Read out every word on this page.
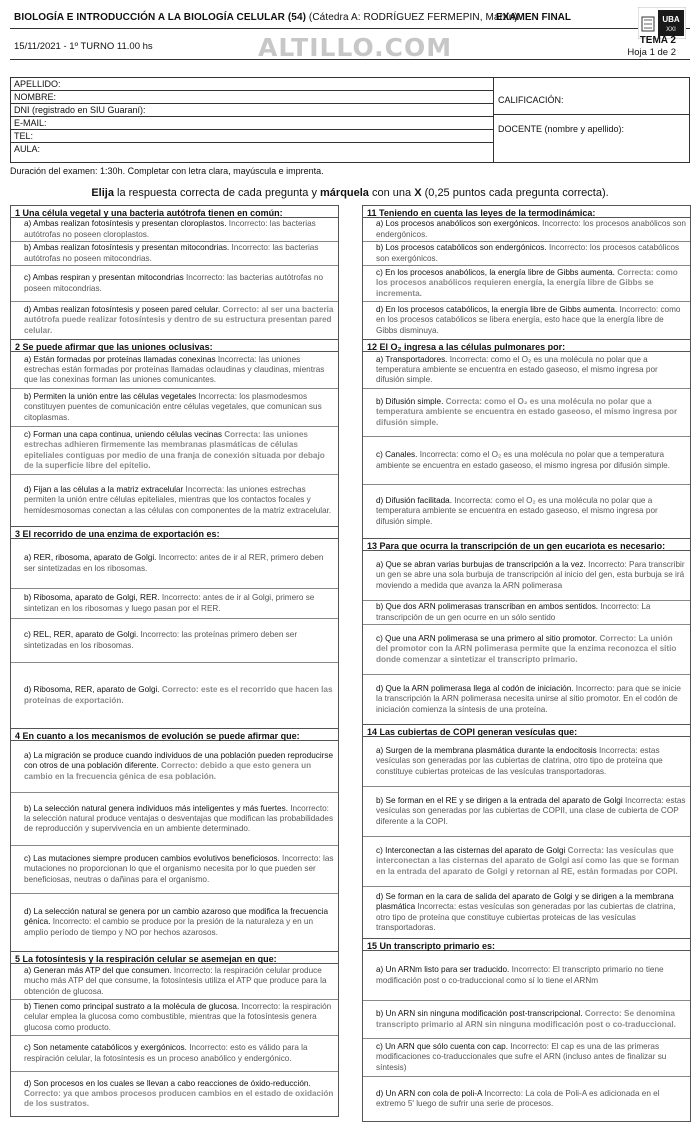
BIOLOGÍA E INTRODUCCIÓN A LA BIOLOGÍA CELULAR (54) (Cátedra A: RODRÍGUEZ FERMEPIN, Martín)
EXAMEN FINAL	UBA
XXI
15/11/2021 - 1º TURNO 11.00 hs	ALTILLO.COM	TEMA 2
Hoja 1 de 2
APELLIDO:
NOMBRE:
DNI (registrado en SIU Guaraní):
E-MAIL:
TEL:
AULA:
CALIFICACIÓN:
DOCENTE (nombre y apellido):
Duración del examen: 1:30h. Completar con letra clara, mayúscula e imprenta.
Elija la respuesta correcta de cada pregunta y márquela con una X (0,25 puntos cada pregunta correcta).
1 Una célula vegetal y una bacteria autótrofa tienen en común:
a) Ambas realizan fotosíntesis y presentan cloroplastos. Incorrecto: las bacterias autótrofas no poseen cloroplastos.
b) Ambas realizan fotosíntesis y presentan mitocondrias. Incorrecto: las bacterias autótrofas no poseen mitocondrias.
c) Ambas respiran y presentan mitocondrias Incorrecto: las bacterias autótrofas no poseen mitocondrias.
d) Ambas realizan fotosíntesis y poseen pared celular. Correcto: al ser una bacteria autótrofa puede realizar fotosíntesis y dentro de su estructura presentan pared celular.
2 Se puede afirmar que las uniones oclusivas:
a) Están formadas por proteínas llamadas conexinas Incorrecta: las uniones estrechas están formadas por proteínas llamadas oclaudinas y claudinas, mientras que las conexinas forman las uniones comunicantes.
b) Permiten la unión entre las células vegetales Incorrecta: los plasmodesmos constituyen puentes de comunicación entre células vegetales, que comunican sus citoplasmas.
c) Forman una capa continua, uniendo células vecinas Correcta: las uniones estrechas adhieren firmemente las membranas plasmáticas de células epiteliales contiguas por medio de una franja de conexión situada por debajo de la superficie libre del epitelio.
d) Fijan a las células a la matriz extracelular Incorrecta: las uniones estrechas permiten la unión entre células epiteliales, mientras que los contactos focales y hemidesmosomas conectan a las células con componentes de la matriz extracelular.
3 El recorrido de una enzima de exportación es:
a) RER, ribosoma, aparato de Golgi. Incorrecto: antes de ir al RER, primero deben ser sintetizadas en los ribosomas.
b) Ribosoma, aparato de Golgi, RER. Incorrecto: antes de ir al Golgi, primero se sintetizan en los ribosomas y luego pasan por el RER.
c) REL, RER, aparato de Golgi. Incorrecto: las proteínas primero deben ser sintetizadas en los ribosomas.
d) Ribosoma, RER, aparato de Golgi. Correcto: este es el recorrido que hacen las proteínas de exportación.
4 En cuanto a los mecanismos de evolución se puede afirmar que:
a) La migración se produce cuando individuos de una población pueden reproducirse con otros de una población diferente. Correcto: debido a que esto genera un cambio en la frecuencia génica de esa población.
b) La selección natural genera individuos más inteligentes y más fuertes. Incorrecto: la selección natural produce ventajas o desventajas que modifican las probabilidades de reproducción y supervivencia en un ambiente determinado.
c) Las mutaciones siempre producen cambios evolutivos beneficiosos. Incorrecto: las mutaciones no proporcionan lo que el organismo necesita por lo que pueden ser beneficiosas, neutras o dañinas para el organismo.
d) La selección natural se genera por un cambio azaroso que modifica la frecuencia génica. Incorrecto: el cambio se produce por la presión de la naturaleza y en un amplio período de tiempo y NO por hechos azarosos.
5 La fotosíntesis y la respiración celular se asemejan en que:
a) Generan más ATP del que consumen. Incorrecto: la respiración celular produce mucho más ATP del que consume, la fotosíntesis utiliza el ATP que produce para la obtención de glucosa.
b) Tienen como principal sustrato a la molécula de glucosa. Incorrecto: la respiración celular emplea la glucosa como combustible, mientras que la fotosíntesis genera glucosa como producto.
c) Son netamente catabólicos y exergónicos. Incorrecto: esto es válido para la respiración celular, la fotosíntesis es un proceso anabólico y endergónico.
d) Son procesos en los cuales se llevan a cabo reacciones de óxido-reducción. Correcto: ya que ambos procesos producen cambios en el estado de oxidación de los sustratos.
11 Teniendo en cuenta las leyes de la termodinámica:
a) Los procesos anabólicos son exergónicos. Incorrecto: los procesos anabólicos son endergónicos.
b) Los procesos catabólicos son endergónicos. Incorrecto: los procesos catabólicos son exergónicos.
c) En los procesos anabólicos, la energía libre de Gibbs aumenta. Correcta: como los procesos anabólicos requieren energía, la energía libre de Gibbs se incrementa.
d) En los procesos catabólicos, la energía libre de Gibbs aumenta. Incorrecto: como en los procesos catabólicos se libera energía, esto hace que la energía libre de Gibbs disminuya.
12 El O₂ ingresa a las células pulmonares por:
a) Transportadores. Incorrecta: como el O₂ es una molécula no polar que a temperatura ambiente se encuentra en estado gaseoso, el mismo ingresa por difusión simple.
b) Difusión simple. Correcta: como el O₂ es una molécula no polar que a temperatura ambiente se encuentra en estado gaseoso, el mismo ingresa por difusión simple.
c) Canales. Incorrecta: como el O₂ es una molécula no polar que a temperatura ambiente se encuentra en estado gaseoso, el mismo ingresa por difusión simple.
d) Difusión facilitada. Incorrecta: como el O₂ es una molécula no polar que a temperatura ambiente se encuentra en estado gaseoso, el mismo ingresa por difusión simple.
13 Para que ocurra la transcripción de un gen eucariota es necesario:
a) Que se abran varias burbujas de transcripción a la vez. Incorrecto: Para transcribir un gen se abre una sola burbuja de transcripción al inicio del gen, esta burbuja se irá moviendo a medida que avanza la ARN polimerasa
b) Que dos ARN polimerasas transcriban en ambos sentidos. Incorrecto: La transcripción de un gen ocurre en un sólo sentido
c) Que una ARN polimerasa se una primero al sitio promotor. Correcto: La unión del promotor con la ARN polimerasa permite que la enzima reconozca el sitio donde comenzar a sintetizar el transcripto primario.
d) Que la ARN polimerasa llega al codón de iniciación. Incorrecto: para que se inicie la transcripción la ARN polimerasa necesita unirse al sitio promotor. En el codón de iniciación comienza la síntesis de una proteína.
14 Las cubiertas de COPI generan vesículas que:
a) Surgen de la membrana plasmática durante la endocitosis Incorrecta: estas vesículas son generadas por las cubiertas de clatrina, otro tipo de proteína que constituye cubiertas proteicas de las vesículas transportadoras.
b) Se forman en el RE y se dirigen a la entrada del aparato de Golgi Incorrecta: estas vesículas son generadas por las cubiertas de COPII, una clase de cubierta de COP diferente a la COPI.
c) Interconectan a las cisternas del aparato de Golgi Correcta: las vesículas que interconectan a las cisternas del aparato de Golgi así como las que se forman en la entrada del aparato de Golgi y retornan al RE, están formadas por COPI.
d) Se forman en la cara de salida del aparato de Golgi y se dirigen a la membrana plasmática Incorrecta: estas vesículas son generadas por las cubiertas de clatrina, otro tipo de proteína que constituye cubiertas proteicas de las vesículas transportadoras.
15 Un transcripto primario es:
a) Un ARNm listo para ser traducido. Incorrecto: El transcripto primario no tiene modificación post o co-traduccional como sí lo tiene el ARNm
b) Un ARN sin ninguna modificación post-transcripcional. Correcto: Se denomina transcripto primario al ARN sin ninguna modificación post o co-traduccional.
c) Un ARN que sólo cuenta con cap. Incorrecto: El cap es una de las primeras modificaciones co-traduccionales que sufre el ARN (incluso antes de finalizar su síntesis)
d) Un ARN con cola de poli-A Incorrecto: La cola de Poli-A es adicionada en el extremo 5' luego de sufrir una serie de procesos.
